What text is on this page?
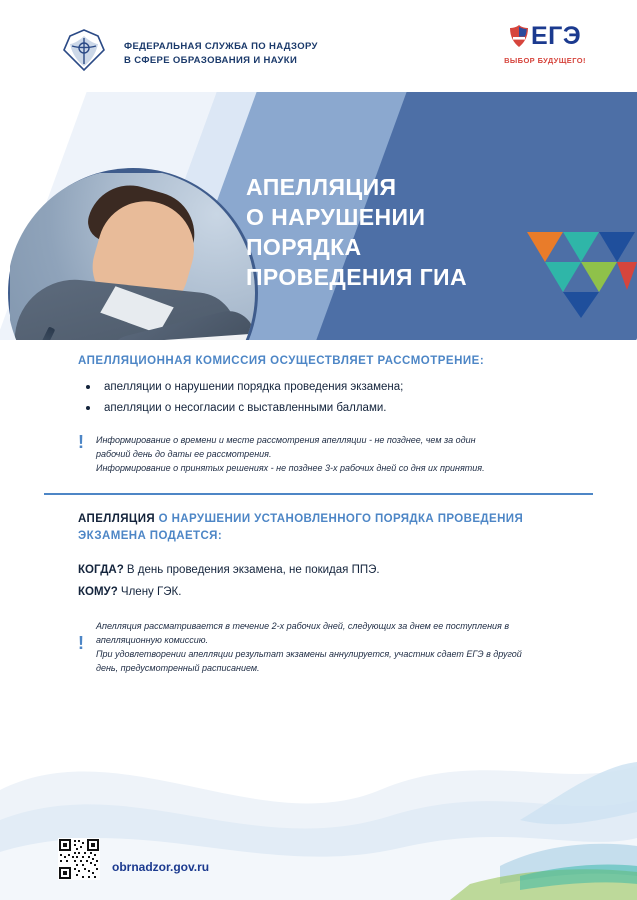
АПЕЛЛЯЦИЯ
О НАРУШЕНИИ
ПОРЯДКА
ПРОВЕДЕНИЯ ГИА
ФЕДЕРАЛЬНАЯ СЛУЖБА ПО НАДЗОРУ
В СФЕРЕ ОБРАЗОВАНИЯ И НАУКИ
ЕГЭ
ВЫБОР БУДУЩЕГО!
АПЕЛЛЯЦИОННАЯ КОМИССИЯ ОСУЩЕСТВЛЯЕТ РАССМОТРЕНИЕ:
апелляции о нарушении порядка проведения экзамена;
апелляции о несогласии с выставленными баллами.
! Информирование о времени и месте рассмотрения апелляции - не позднее, чем за один
рабочий день до даты ее рассмотрения.
Информирование о принятых решениях - не позднее 3-х рабочих дней со дня их принятия.
АПЕЛЛЯЦИЯ О НАРУШЕНИИ УСТАНОВЛЕННОГО ПОРЯДКА ПРОВЕДЕНИЯ ЭКЗАМЕНА ПОДАЕТСЯ:
КОГДА? В день проведения экзамена, не покидая ППЭ.
КОМУ? Члену ГЭК.
!
Апелляция рассматривается в течение 2-х рабочих дней, следующих за днем ее поступления в
апелляционную комиссию.
При удовлетворении апелляции результат экзамены аннулируется, участник сдает ЕГЭ в другой
день, предусмотренный расписанием.
obrnadzor.gov.ru
